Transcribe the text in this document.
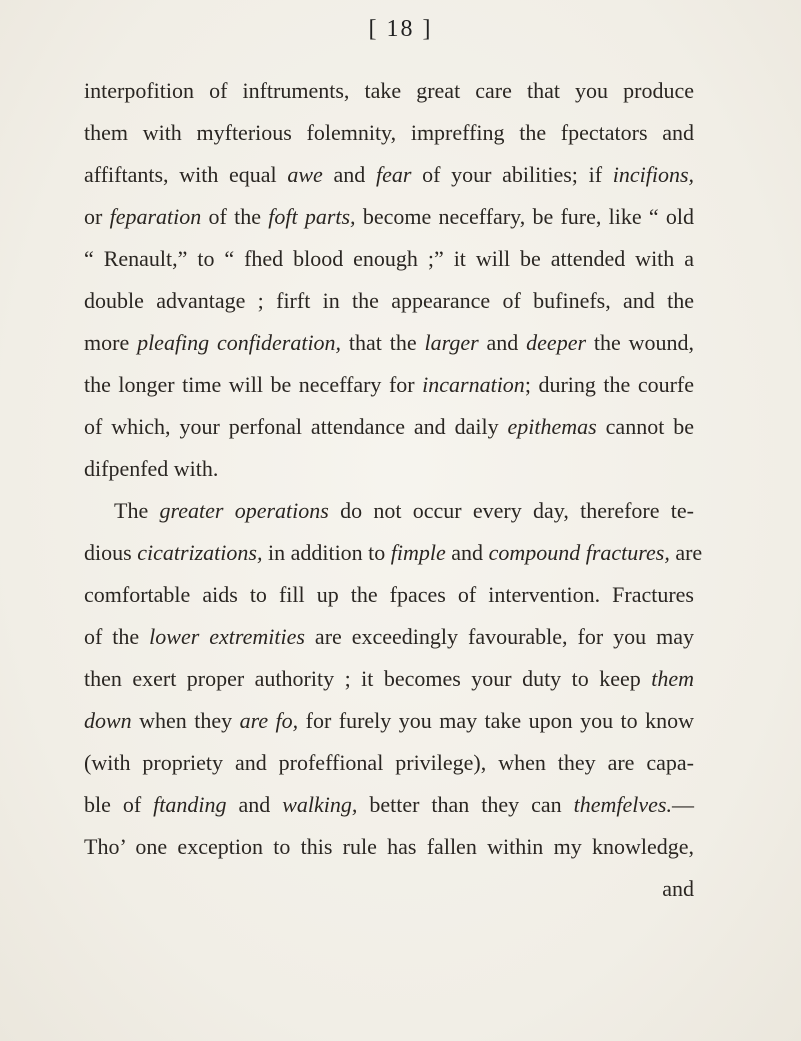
[ 18 ]
interpofition of inftruments, take great care that you produce
them with myfterious folemnity, impreffing the fpectators and
affiftants, with equal awe and fear of your abilities; if incifions,
or feparation of the foft parts, become neceffary, be fure, like “ old
“ Renault,” to “ fhed blood enough ;” it will be attended with a
double advantage ; firft in the appearance of bufinefs, and the
more pleafing confideration, that the larger and deeper the wound,
the longer time will be neceffary for incarnation; during the courfe
of which, your perfonal attendance and daily epithemas cannot be
difpenfed with.
The greater operations do not occur every day, therefore te-
dious cicatrizations, in addition to fimple and compound fractures, are
comfortable aids to fill up the fpaces of intervention. Fractures
of the lower extremities are exceedingly favourable, for you may
then exert proper authority ; it becomes your duty to keep them
down when they are fo, for furely you may take upon you to know
(with propriety and profeffional privilege), when they are capa-
ble of ftanding and walking, better than they can themfelves.—
Tho’ one exception to this rule has fallen within my knowledge,
and
